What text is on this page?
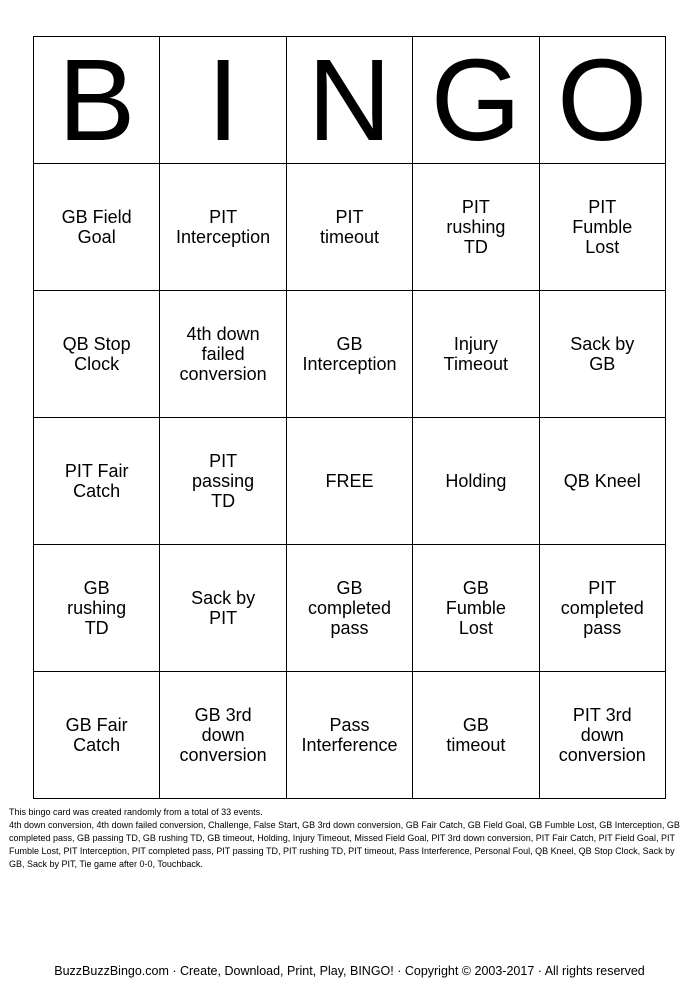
B	I	N	G	O
GB Field Goal	PIT Interception	PIT timeout	PIT rushing TD	PIT Fumble Lost
QB Stop Clock	4th down failed conversion	GB Interception	Injury Timeout	Sack by GB
PIT Fair Catch	PIT passing TD	FREE	Holding	QB Kneel
GB rushing TD	Sack by PIT	GB completed pass	GB Fumble Lost	PIT completed pass
GB Fair Catch	GB 3rd down conversion	Pass Interference	GB timeout	PIT 3rd down conversion

This bingo card was created randomly from a total of 33 events.

4th down conversion, 4th down failed conversion, Challenge, False Start, GB 3rd down conversion, GB Fair Catch, GB Field Goal, GB Fumble Lost, GB Interception, GB completed pass, GB passing TD, GB rushing TD, GB timeout, Holding, Injury Timeout, Missed Field Goal, PIT 3rd down conversion, PIT Fair Catch, PIT Field Goal, PIT Fumble Lost, PIT Interception, PIT completed pass, PIT passing TD, PIT rushing TD, PIT timeout, Pass Interference, Personal Foul, QB Kneel, QB Stop Clock, Sack by GB, Sack by PIT, Tie game after 0-0, Touchback.

BuzzBuzzBingo.com · Create, Download, Print, Play, BINGO! · Copyright © 2003-2017 · All rights reserved
